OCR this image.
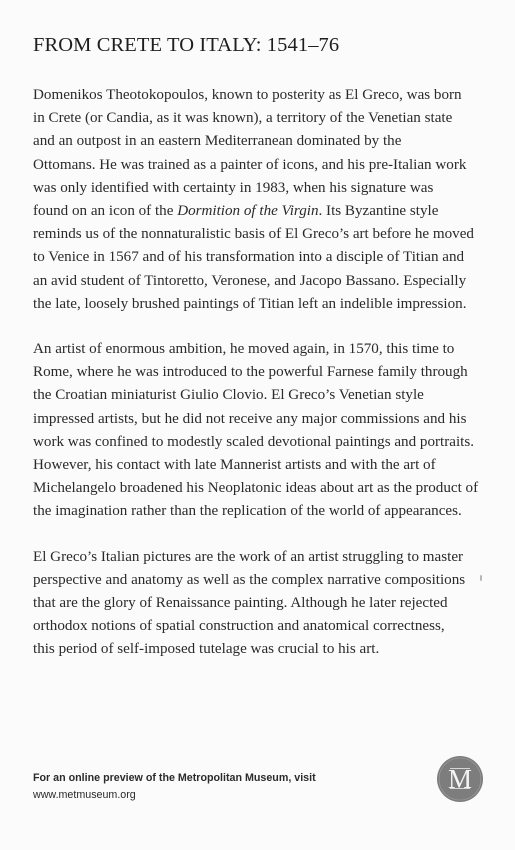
FROM CRETE TO ITALY: 1541–76

Domenikos Theotokopoulos, known to posterity as El Greco, was born
in Crete (or Candia, as it was known), a territory of the Venetian state
and an outpost in an eastern Mediterranean dominated by the
Ottomans. He was trained as a painter of icons, and his pre-Italian work
was only identified with certainty in 1983, when his signature was
found on an icon of the Dormition of the Virgin. Its Byzantine style
reminds us of the nonnaturalistic basis of El Greco’s art before he moved
to Venice in 1567 and of his transformation into a disciple of Titian and
an avid student of Tintoretto, Veronese, and Jacopo Bassano. Especially
the late, loosely brushed paintings of Titian left an indelible impression.

An artist of enormous ambition, he moved again, in 1570, this time to
Rome, where he was introduced to the powerful Farnese family through
the Croatian miniaturist Giulio Clovio. El Greco’s Venetian style
impressed artists, but he did not receive any major commissions and his
work was confined to modestly scaled devotional paintings and portraits.
However, his contact with late Mannerist artists and with the art of
Michelangelo broadened his Neoplatonic ideas about art as the product of
the imagination rather than the replication of the world of appearances.

El Greco’s Italian pictures are the work of an artist struggling to master
perspective and anatomy as well as the complex narrative compositions
that are the glory of Renaissance painting. Although he later rejected
orthodox notions of spatial construction and anatomical correctness,
this period of self-imposed tutelage was crucial to his art.

For an online preview of the Metropolitan Museum, visit
www.metmuseum.org
M
